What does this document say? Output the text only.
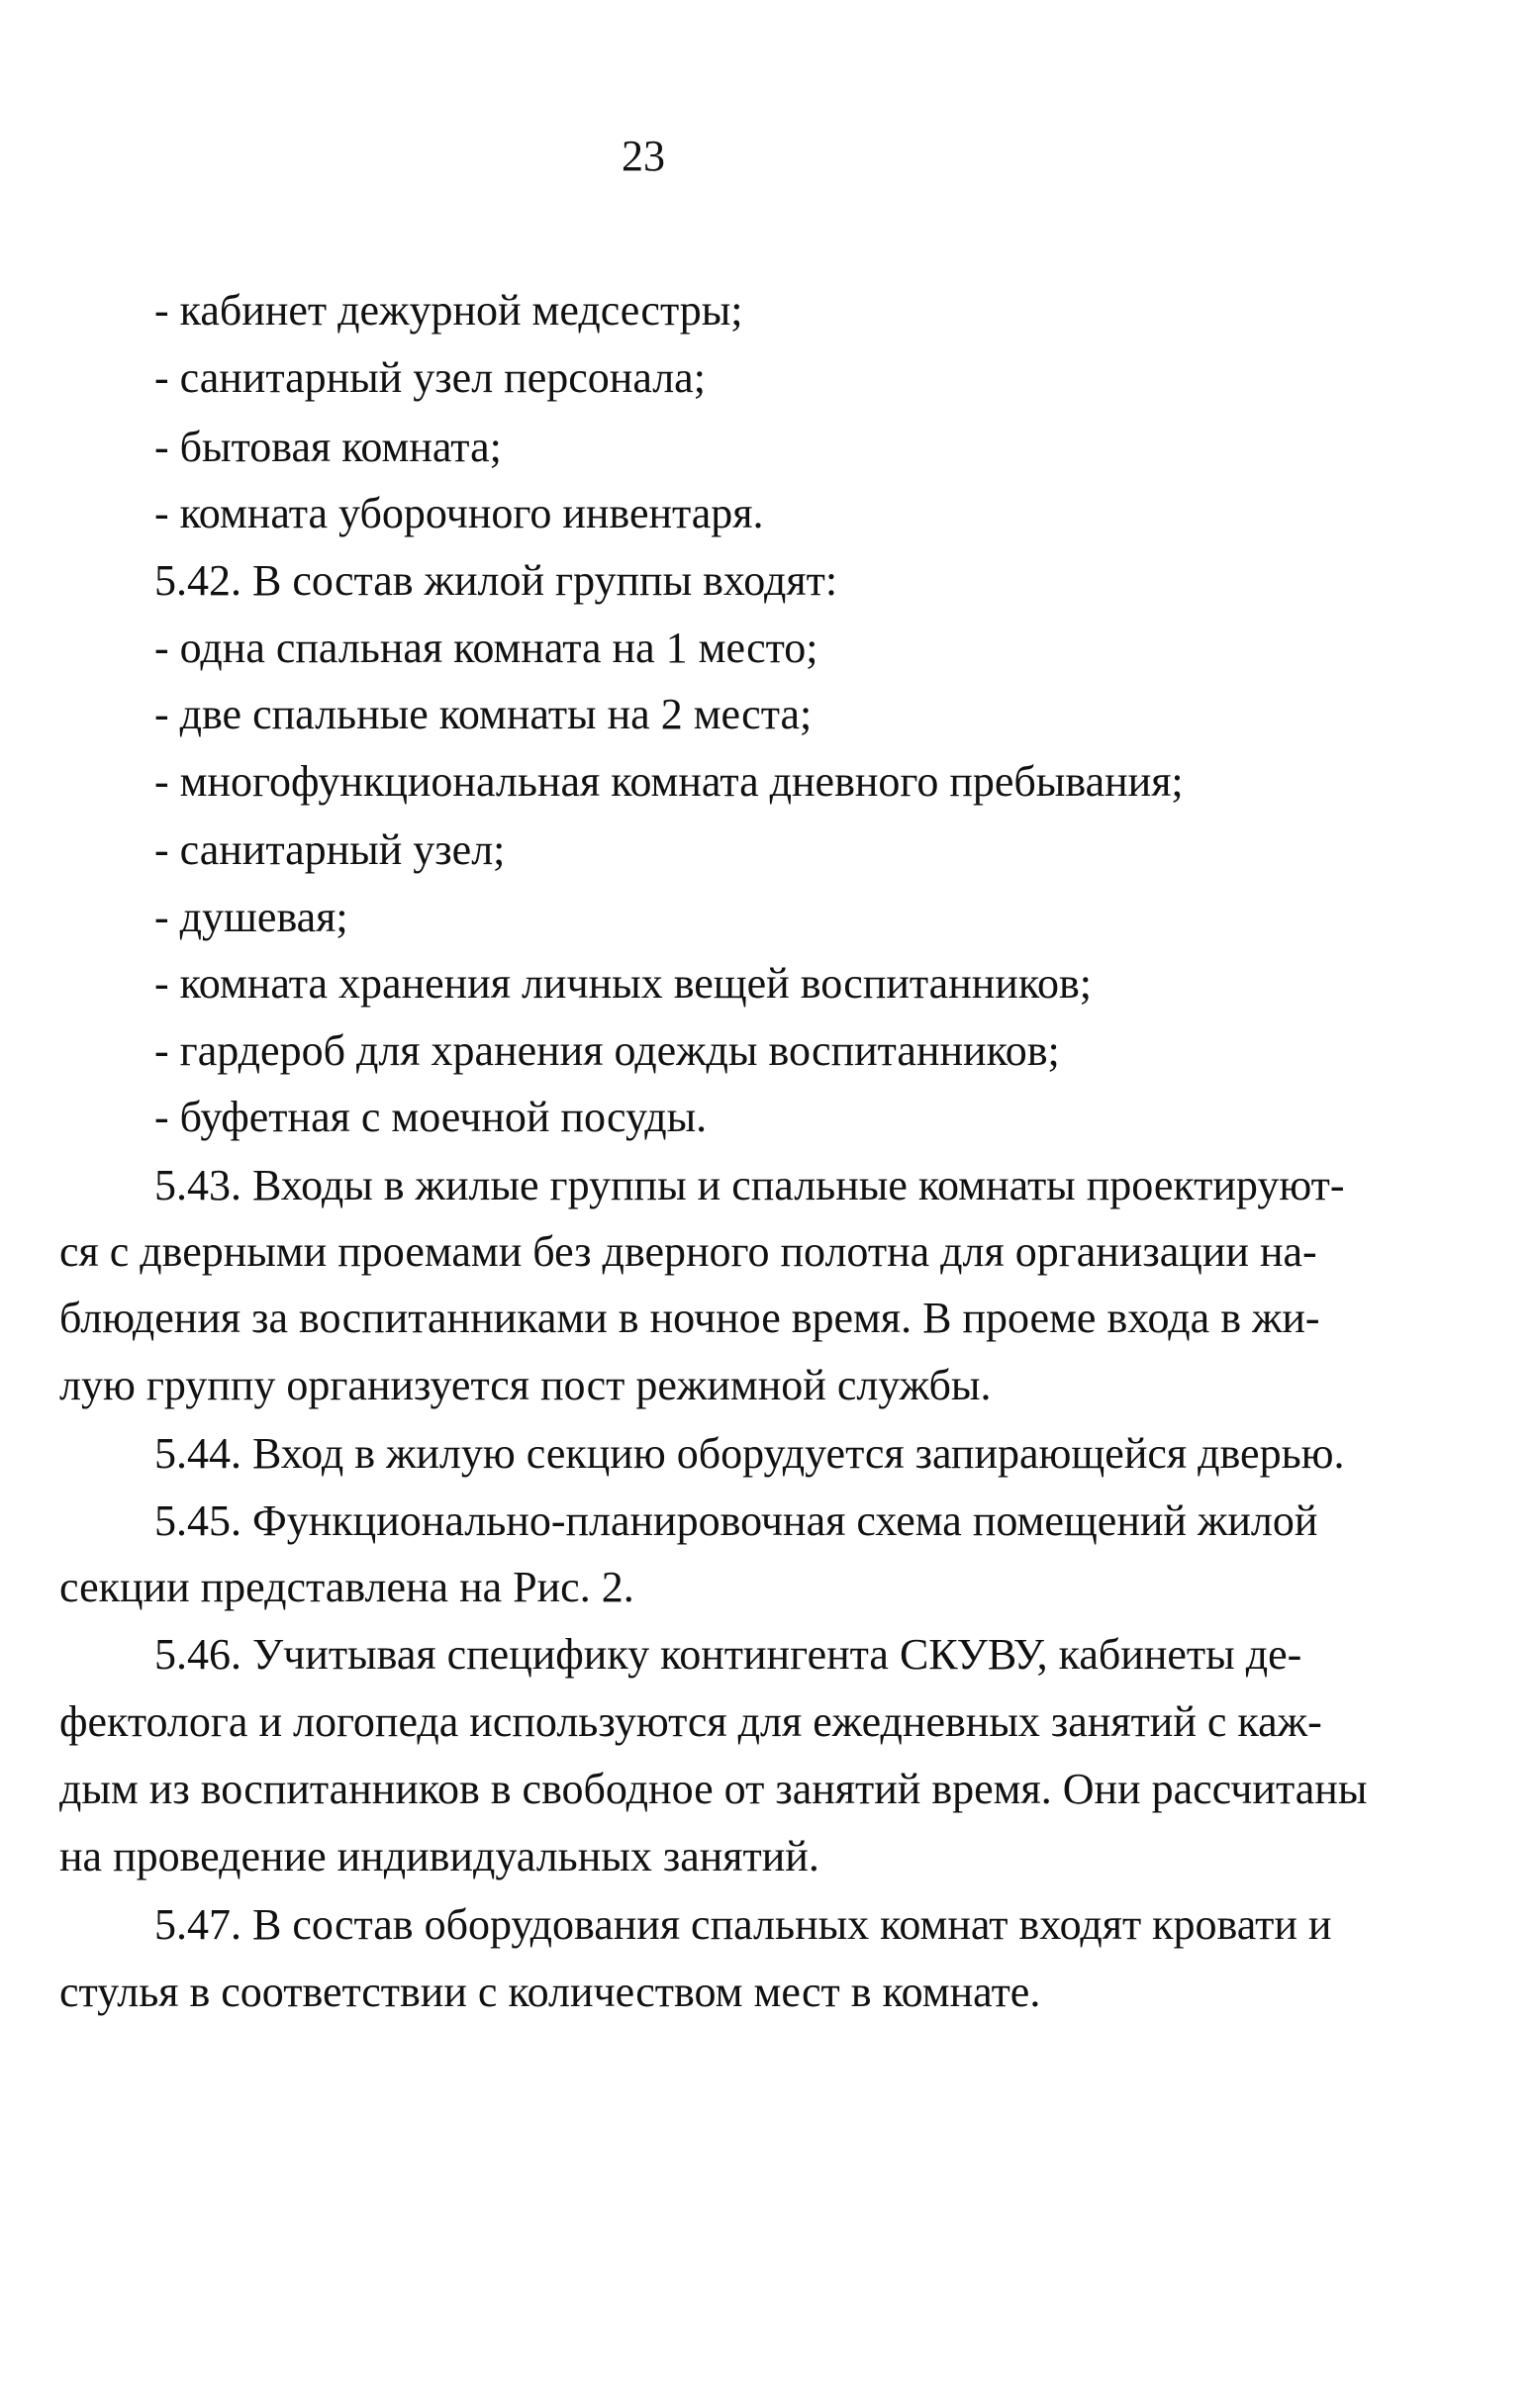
23
- кабинет дежурной медсестры;
- санитарный узел персонала;
- бытовая комната;
- комната уборочного инвентаря.
5.42. В состав жилой группы входят:
- одна спальная комната на 1 место;
- две спальные комнаты на 2 места;
- многофункциональная комната дневного пребывания;
- санитарный узел;
- душевая;
- комната хранения личных вещей воспитанников;
- гардероб для хранения одежды воспитанников;
- буфетная с моечной посуды.
5.43. Входы в жилые группы и спальные комнаты проектируют-
ся с дверными проемами без дверного полотна для организации на-
блюдения за воспитанниками в ночное время. В проеме входа в жи-
лую группу организуется пост режимной службы.
5.44. Вход в жилую секцию оборудуется запирающейся дверью.
5.45. Функционально-планировочная схема помещений жилой
секции представлена на Рис. 2.
5.46. Учитывая специфику контингента СКУВУ, кабинеты де-
фектолога и логопеда используются для ежедневных занятий с каж-
дым из воспитанников в свободное от занятий время. Они рассчитаны
на проведение индивидуальных занятий.
5.47. В состав оборудования спальных комнат входят кровати и
стулья в соответствии с количеством мест в комнате.
